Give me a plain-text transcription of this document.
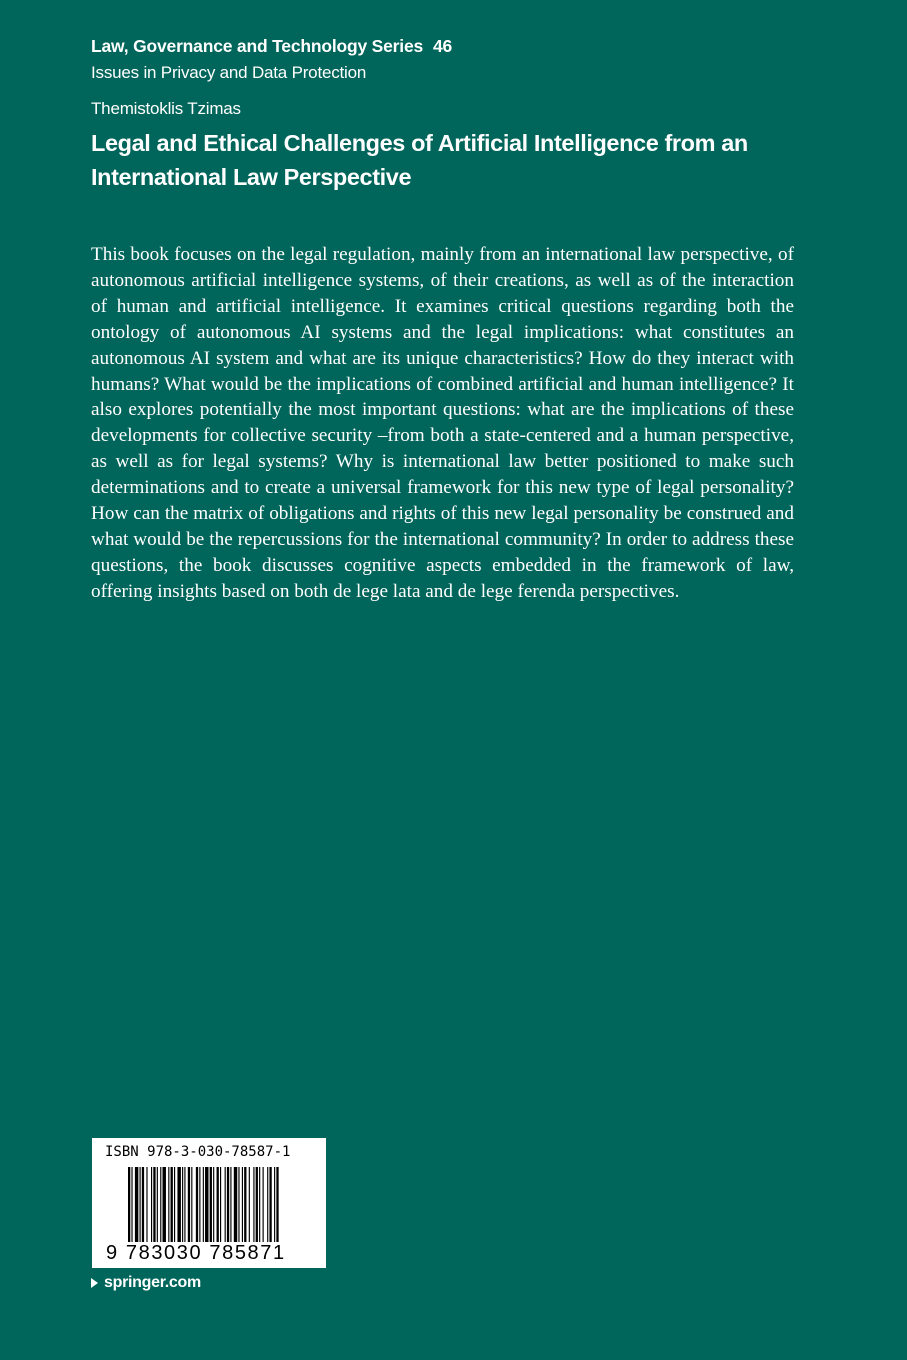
Law, Governance and Technology Series 46
Issues in Privacy and Data Protection
Themistoklis Tzimas
Legal and Ethical Challenges of Artificial Intelligence from an International Law Perspective

This book focuses on the legal regulation, mainly from an international law perspective, of autonomous artificial intelligence systems, of their creations, as well as of the interaction of human and artificial intelligence. It examines critical questions regarding both the ontology of autonomous AI systems and the legal implications: what constitutes an autonomous AI system and what are its unique characteristics? How do they interact with humans? What would be the implications of combined artificial and human intelligence? It also explores potentially the most important questions: what are the implications of these developments for collective security –from both a state-centered and a human perspective, as well as for legal systems? Why is international law better positioned to make such determinations and to create a universal framework for this new type of legal personality? How can the matrix of obligations and rights of this new legal personality be construed and what would be the repercussions for the international community? In order to address these questions, the book discusses cognitive aspects embedded in the framework of law, offering insights based on both de lege lata and de lege ferenda perspectives.

ISBN 978-3-030-78587-1
9 783030 785871
springer.com
